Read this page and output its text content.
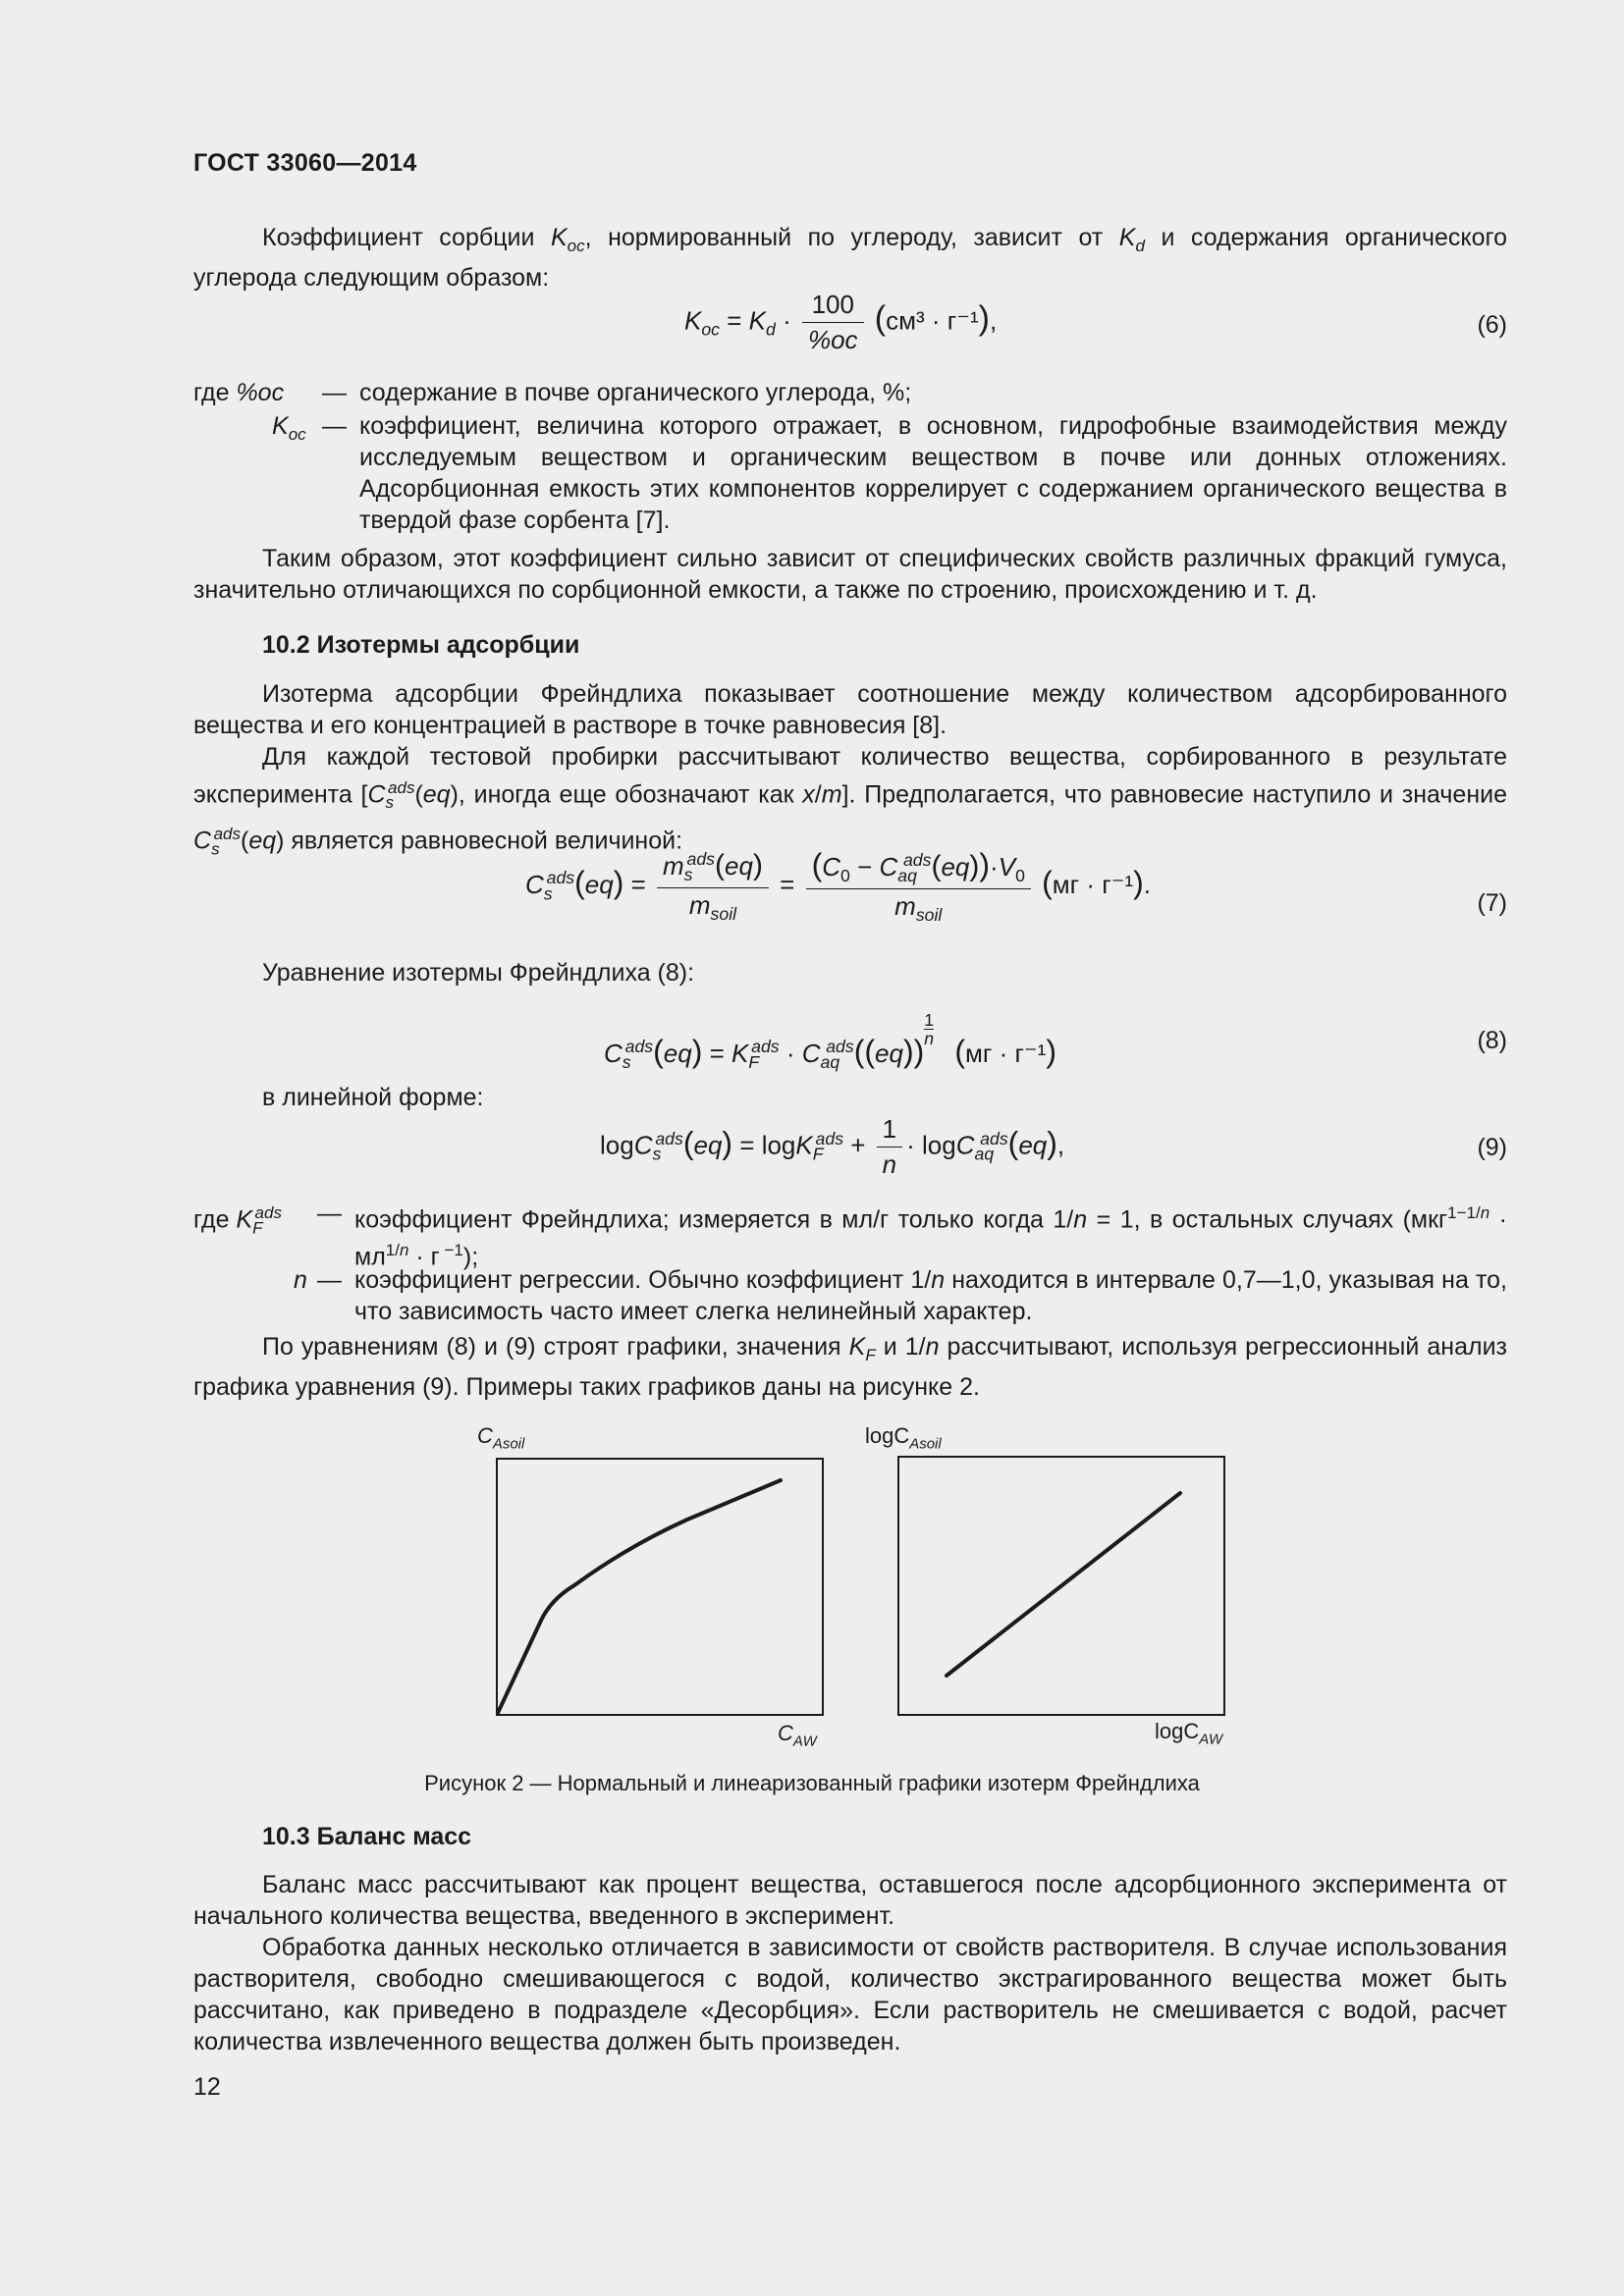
ГОСТ 33060—2014
Коэффициент сорбции $K_{oc}$, нормированный по углероду, зависит от $K_d$ и содержания органического углерода следующим образом:
$K_{oc} = K_d \cdot \frac{100}{\%oc} (см^3 \cdot г^{-1})$,	(6)
где %oc — содержание в почве органического углерода, %;
$K_{oc}$ — коэффициент, величина которого отражает, в основном, гидрофобные взаимодействия между исследуемым веществом и органическим веществом в почве или донных отложениях. Адсорбционная емкость этих компонентов коррелирует с содержанием органического вещества в твердой фазе сорбента [7].
Таким образом, этот коэффициент сильно зависит от специфических свойств различных фракций гумуса, значительно отличающихся по сорбционной емкости, а также по строению, происхождению и т. д.
10.2 Изотермы адсорбции
Изотерма адсорбции Фрейндлиха показывает соотношение между количеством адсорбированного вещества и его концентрацией в растворе в точке равновесия [8].
Для каждой тестовой пробирки рассчитывают количество вещества, сорбированного в результате эксперимента [$C_s^{ads}(eq)$, иногда еще обозначают как x/m]. Предполагается, что равновесие наступило и значение $C_s^{ads}(eq)$ является равновесной величиной:
$C_s^{ads}(eq) = \frac{m_s^{ads}(eq)}{m_{soil}} = \frac{(C_0 - C_{aq}^{ads}(eq))\cdot V_0}{m_{soil}} (мг \cdot г^{-1})$.
(7)
Уравнение изотермы Фрейндлиха (8):
$C_s^{ads}(eq) = K_F^{ads} \cdot C_{aq}^{ads}((eq))$
$^{\frac{1}{n}}$
(мг · г⁻¹)	(8)
в линейной форме:
$\log C_s^{ads}(eq) = \log K_F^{ads} + \frac{1}{n} \cdot \log C_{aq}^{ads}(eq)$,	(9)
где $K_F^{ads}$ — коэффициент Фрейндлиха; измеряется в мл/г только когда 1/n = 1, в остальных случаях ($мкг^{1-1/n} \cdot мл^{1/n} \cdot г$ $^{-1}$);
n — коэффициент регрессии. Обычно коэффициент 1/n находится в интервале 0,7—1,0, указывая на то, что зависимость часто имеет слегка нелинейный характер.
По уравнениям (8) и (9) строят графики, значения $K_F$ и 1/n рассчитывают, используя регрессионный анализ графика уравнения (9). Примеры таких графиков даны на рисунке 2.
$C_{Asoil}$	logC$_{Asoil}$
$C_{AW}$	logC$_{AW}$
Рисунок 2 — Нормальный и линеаризованный графики изотерм Фрейндлиха
10.3 Баланс масс
Баланс масс рассчитывают как процент вещества, оставшегося после адсорбционного эксперимента от начального количества вещества, введенного в эксперимент.
Обработка данных несколько отличается в зависимости от свойств растворителя. В случае использования растворителя, свободно смешивающегося с водой, количество экстрагированного вещества может быть рассчитано, как приведено в подразделе «Десорбция». Если растворитель не смешивается с водой, расчет количества извлеченного вещества должен быть произведен.
12
